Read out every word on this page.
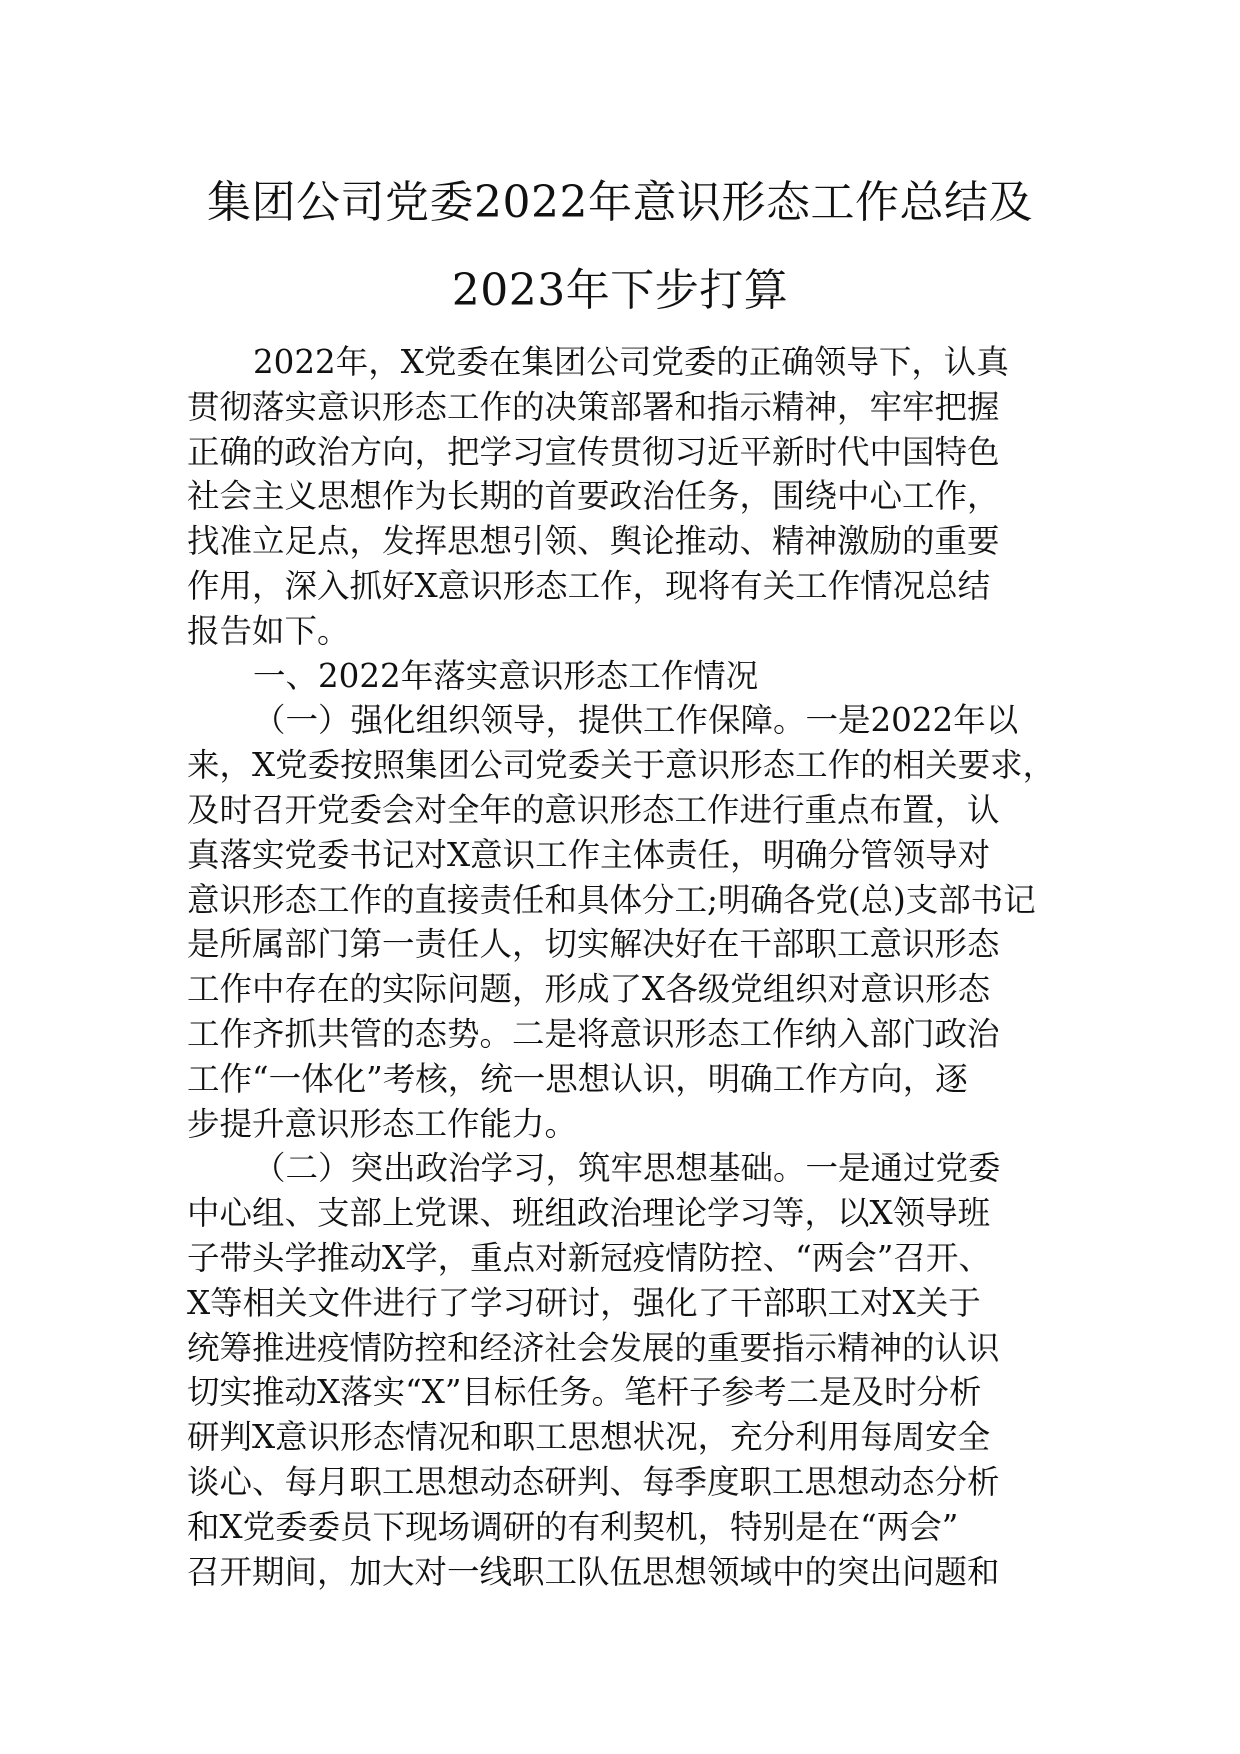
集团公司党委2022年意识形态工作总结及
2023年下步打算
2022年，X党委在集团公司党委的正确领导下，认真
贯彻落实意识形态工作的决策部署和指示精神，牢牢把握
正确的政治方向，把学习宣传贯彻习近平新时代中国特色
社会主义思想作为长期的首要政治任务，围绕中心工作，
找准立足点，发挥思想引领、舆论推动、精神激励的重要
作用，深入抓好X意识形态工作，现将有关工作情况总结
报告如下。
一、2022年落实意识形态工作情况
（一）强化组织领导，提供工作保障。一是2022年以
来，X党委按照集团公司党委关于意识形态工作的相关要求，
及时召开党委会对全年的意识形态工作进行重点布置，认
真落实党委书记对X意识工作主体责任，明确分管领导对
意识形态工作的直接责任和具体分工;明确各党(总)支部书记
是所属部门第一责任人，切实解决好在干部职工意识形态
工作中存在的实际问题，形成了X各级党组织对意识形态
工作齐抓共管的态势。二是将意识形态工作纳入部门政治
工作“一体化”考核，统一思想认识，明确工作方向，逐
步提升意识形态工作能力。
（二）突出政治学习，筑牢思想基础。一是通过党委
中心组、支部上党课、班组政治理论学习等，以X领导班
子带头学推动X学，重点对新冠疫情防控、“两会”召开、
X等相关文件进行了学习研讨，强化了干部职工对X关于
统筹推进疫情防控和经济社会发展的重要指示精神的认识
切实推动X落实“X”目标任务。笔杆子参考二是及时分析
研判X意识形态情况和职工思想状况，充分利用每周安全
谈心、每月职工思想动态研判、每季度职工思想动态分析
和X党委委员下现场调研的有利契机，特别是在“两会”
召开期间，加大对一线职工队伍思想领域中的突出问题和
